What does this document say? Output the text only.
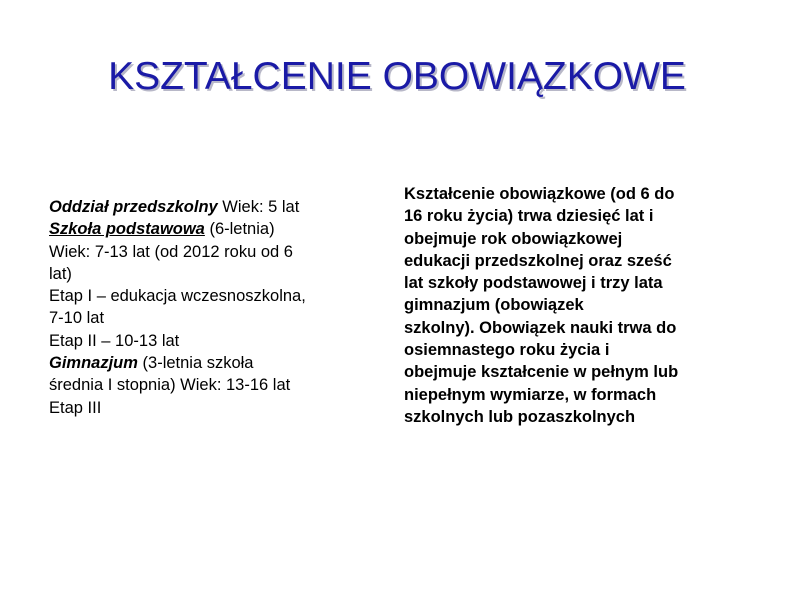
KSZTAŁCENIE OBOWIĄZKOWE
Oddział przedszkolny Wiek: 5 lat
Szkoła podstawowa (6-letnia)
Wiek: 7-13 lat (od 2012 roku od 6
lat)
Etap I – edukacja wczesnoszkolna,
7-10 lat
Etap II – 10-13 lat
Gimnazjum (3-letnia szkoła
średnia I stopnia) Wiek: 13-16 lat
Etap III
Kształcenie obowiązkowe (od 6 do
16 roku życia) trwa dziesięć lat i
obejmuje rok obowiązkowej
edukacji przedszkolnej oraz sześć
lat szkoły podstawowej i trzy lata
gimnazjum (obowiązek
szkolny). Obowiązek nauki trwa do
osiemnastego roku życia i
obejmuje kształcenie w pełnym lub
niepełnym wymiarze, w formach
szkolnych lub pozaszkolnych
